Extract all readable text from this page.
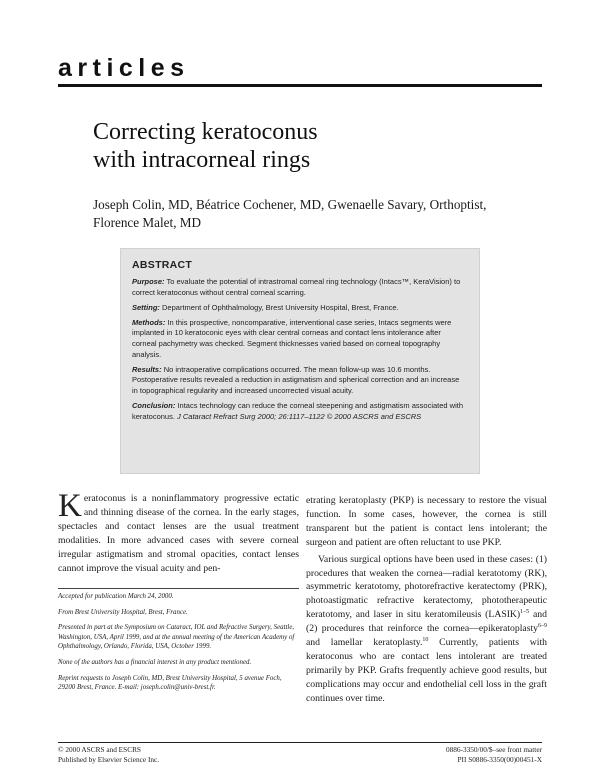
articles
Correcting keratoconus
with intracorneal rings
Joseph Colin, MD, Béatrice Cochener, MD, Gwenaelle Savary, Orthoptist,
Florence Malet, MD
ABSTRACT

Purpose: To evaluate the potential of intrastromal corneal ring technology (Intacs™, KeraVision) to correct keratoconus without central corneal scarring.

Setting: Department of Ophthalmology, Brest University Hospital, Brest, France.

Methods: In this prospective, noncomparative, interventional case series, Intacs segments were implanted in 10 keratoconic eyes with clear central corneas and contact lens intolerance after corneal pachymetry was checked. Segment thicknesses varied based on corneal topography analysis.

Results: No intraoperative complications occurred. The mean follow-up was 10.6 months. Postoperative results revealed a reduction in astigmatism and spherical correction and an increase in topographical regularity and increased uncorrected visual acuity.

Conclusion: Intacs technology can reduce the corneal steepening and astigmatism associated with keratoconus. J Cataract Refract Surg 2000; 26:1117–1122 © 2000 ASCRS and ESCRS

Keratoconus is a noninflammatory progressive ectatic and thinning disease of the cornea. In the early stages, spectacles and contact lenses are the usual treatment modalities. In more advanced cases with severe corneal irregular astigmatism and stromal opacities, contact lenses cannot improve the visual acuity and pen-

Accepted for publication March 24, 2000.

From Brest University Hospital, Brest, France.

Presented in part at the Symposium on Cataract, IOL and Refractive Surgery, Seattle, Washington, USA, April 1999, and at the annual meeting of the American Academy of Ophthalmology, Orlando, Florida, USA, October 1999.

None of the authors has a financial interest in any product mentioned.

Reprint requests to Joseph Colin, MD, Brest University Hospital, 5 avenue Foch, 29200 Brest, France. E-mail: joseph.colin@univ-brest.fr.

etrating keratoplasty (PKP) is necessary to restore the visual function. In some cases, however, the cornea is still transparent but the patient is contact lens intolerant; the surgeon and patient are often reluctant to use PKP.

Various surgical options have been used in these cases: (1) procedures that weaken the cornea—radial keratotomy (RK), asymmetric keratotomy, photorefractive keratectomy (PRK), photoastigmatic refractive keratectomy, phototherapeutic keratotomy, and laser in situ keratomileusis (LASIK)$^{1-5}$ and (2) procedures that reinforce the cornea—epikeratoplasty$^{6-9}$ and lamellar keratoplasty.$^{10}$ Currently, patients with keratoconus who are contact lens intolerant are treated primarily by PKP. Grafts frequently achieve good results, but complications may occur and endothelial cell loss in the graft continues over time.

© 2000 ASCRS and ESCRS
Published by Elsevier Science Inc.
0886-3350/00/$–see front matter
PII S0886-3350(00)00451-X
